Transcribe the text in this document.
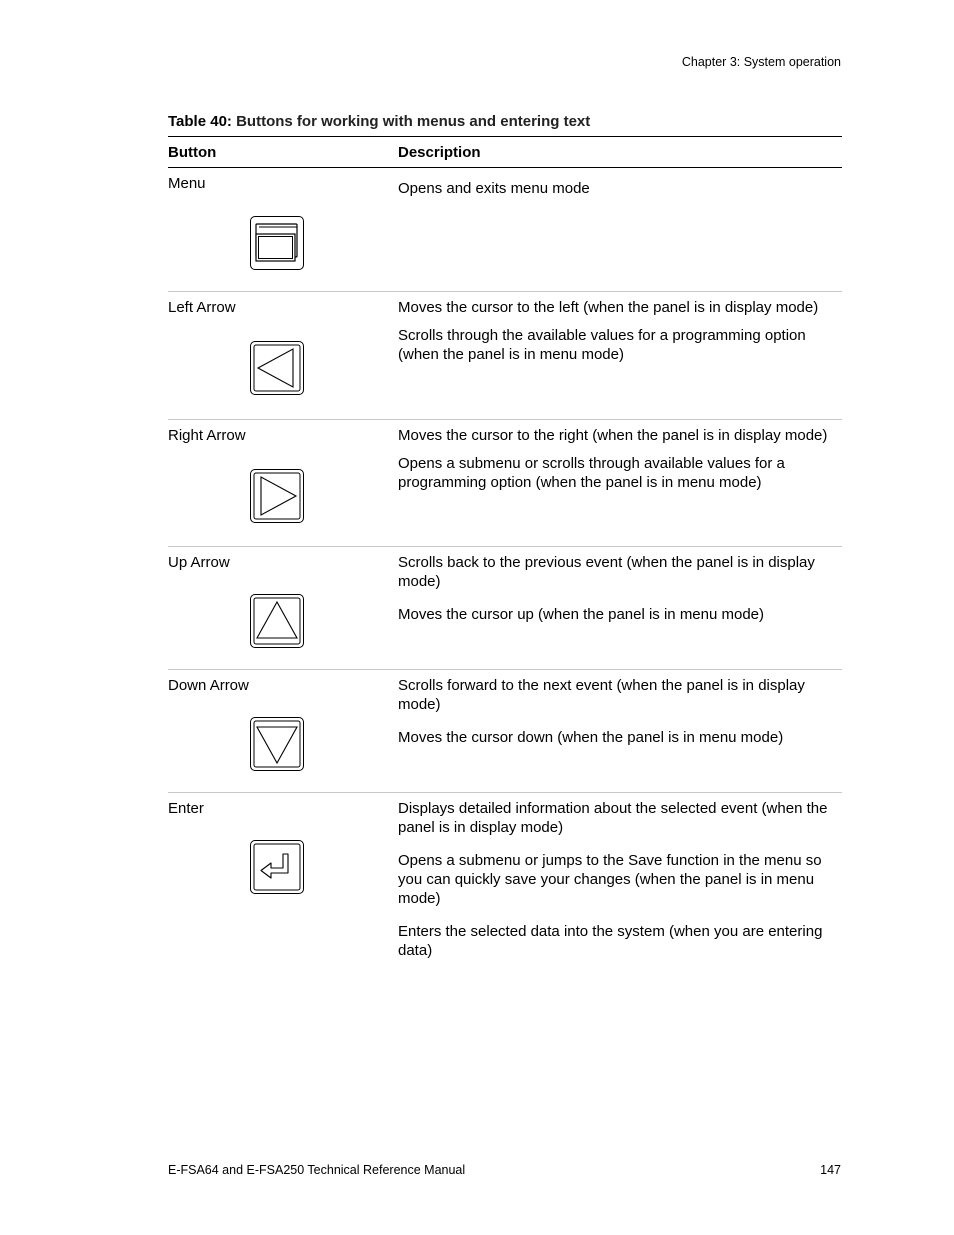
Chapter 3: System operation
Table 40: Buttons for working with menus and entering text
Button	Description
Menu	Opens and exits menu mode

Left Arrow	Moves the cursor to the left (when the panel is in display mode)

Scrolls through the available values for a programming option (when the panel is in menu mode)

Right Arrow	Moves the cursor to the right (when the panel is in display mode)

Opens a submenu or scrolls through available values for a programming option (when the panel is in menu mode)

Up Arrow	Scrolls back to the previous event (when the panel is in display mode)

Moves the cursor up (when the panel is in menu mode)

Down Arrow	Scrolls forward to the next event (when the panel is in display mode)

Moves the cursor down (when the panel is in menu mode)

Enter	Displays detailed information about the selected event (when the panel is in display mode)

Opens a submenu or jumps to the Save function in the menu so you can quickly save your changes (when the panel is in menu mode)

Enters the selected data into the system (when you are entering data)

E-FSA64 and E-FSA250 Technical Reference Manual	147
